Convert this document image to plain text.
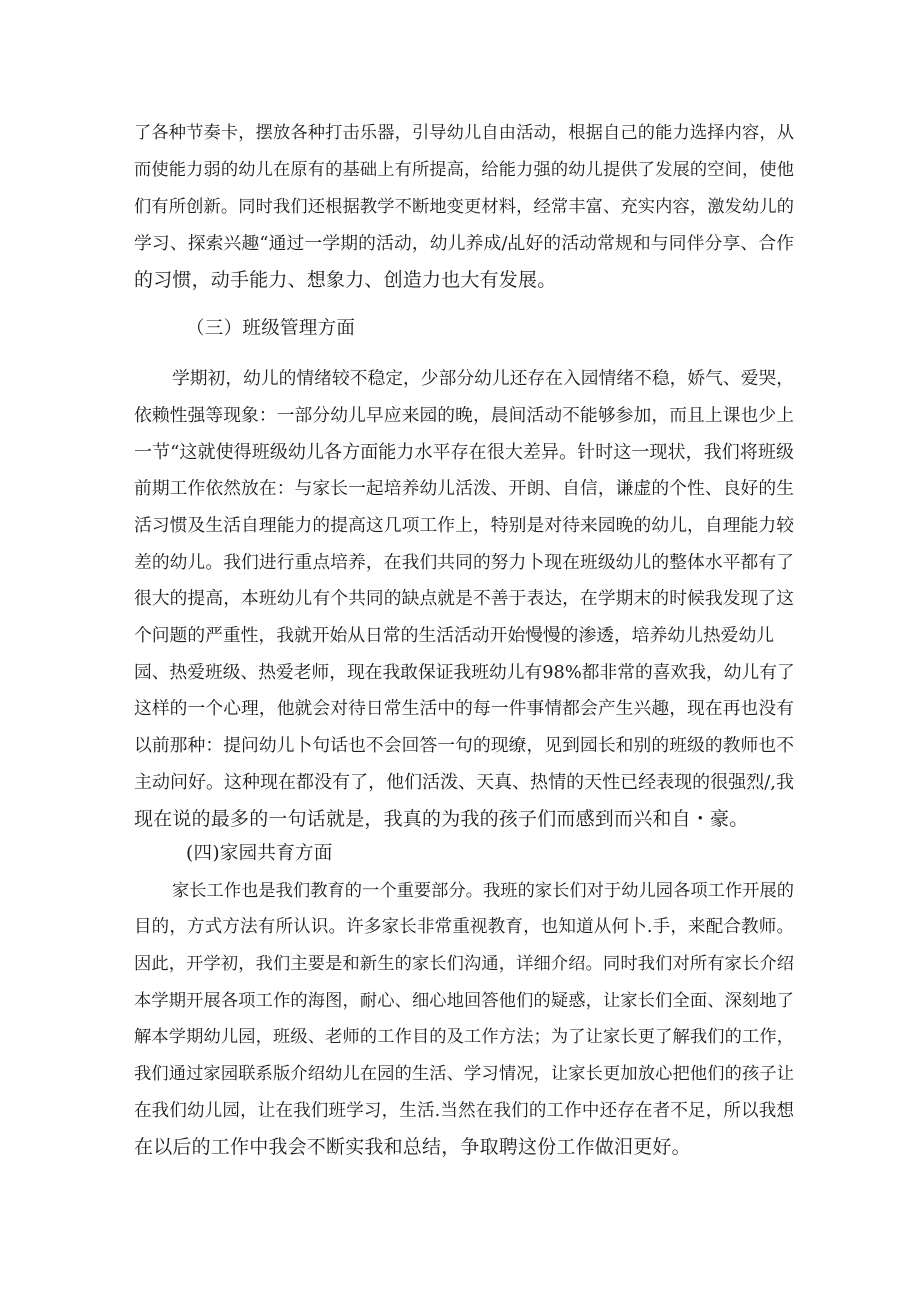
了各种节奏卡，摆放各种打击乐器，引导幼儿自由活动，根据自己的能力选择内容，从
而使能力弱的幼儿在原有的基础上有所提高，给能力强的幼儿提供了发展的空间，使他
们有所创新。同时我们还根据教学不断地变更材料，经常丰富、充实内容，激发幼儿的
学习、探索兴趣“通过一学期的活动，幼儿养成/乩好的活动常规和与同伴分享、合作
的习惯，动手能力、想象力、创造力也大有发展。
（三）班级管理方面
学期初，幼儿的情绪较不稳定，少部分幼儿还存在入园情绪不稳，娇气、爱哭，
依赖性强等现象：一部分幼儿早应来园的晚，晨间活动不能够参加，而且上课也少上
一节“这就使得班级幼儿各方面能力水平存在很大差异。针时这一现状，我们将班级
前期工作依然放在：与家长一起培养幼儿活泼、开朗、自信，谦虚的个性、良好的生
活习惯及生活自理能力的提高这几项工作上，特别是对待来园晚的幼儿，自理能力较
差的幼儿。我们进行重点培养，在我们共同的努力卜现在班级幼儿的整体水平都有了
很大的提高，本班幼儿有个共同的缺点就是不善于表达，在学期末的时候我发现了这
个问题的严重性，我就开始从日常的生活活动开始慢慢的渗透，培养幼儿热爱幼儿
园、热爱班级、热爱老师，现在我敢保证我班幼儿有98%都非常的喜欢我，幼儿有了
这样的一个心理，他就会对待日常生活中的每一件事情都会产生兴趣，现在再也没有
以前那种：提问幼儿卜句话也不会回答一句的现缭，见到园长和别的班级的教师也不
主动问好。这种现在都没有了，他们活泼、天真、热情的天性已经表现的很强烈/,我
现在说的最多的一句话就是，我真的为我的孩子们而感到而兴和自・豪。
(四)家园共育方面
家长工作也是我们教育的一个重要部分。我班的家长们对于幼儿园各项工作开展的
目的，方式方法有所认识。许多家长非常重视教育，也知道从何卜.手，来配合教师。
因此，开学初，我们主要是和新生的家长们沟通，详细介绍。同时我们对所有家长介绍
本学期开展各项工作的海图，耐心、细心地回答他们的疑惑，让家长们全面、深刻地了
解本学期幼儿园，班级、老师的工作目的及工作方法；为了让家长更了解我们的工作，
我们通过家园联系版介绍幼儿在园的生活、学习情况，让家长更加放心把他们的孩子让
在我们幼儿园，让在我们班学习，生活.当然在我们的工作中还存在者不足，所以我想
在以后的工作中我会不断实我和总结，争取聘这份工作做汨更好。
